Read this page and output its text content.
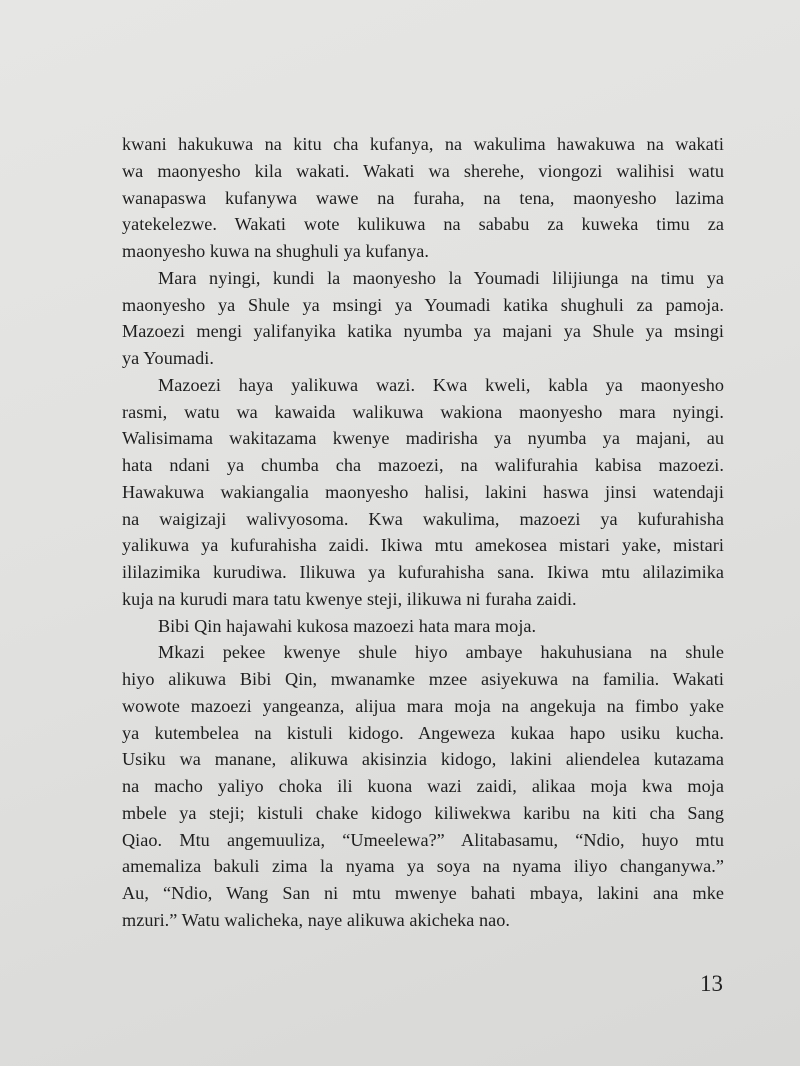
kwani hakukuwa na kitu cha kufanya, na wakulima hawakuwa na wakati
wa maonyesho kila wakati. Wakati wa sherehe, viongozi walihisi watu
wanapaswa kufanywa wawe na furaha, na tena, maonyesho lazima
yatekelezwe. Wakati wote kulikuwa na sababu za kuweka timu za
maonyesho kuwa na shughuli ya kufanya.
Mara nyingi, kundi la maonyesho la Youmadi lilijiunga na timu ya
maonyesho ya Shule ya msingi ya Youmadi katika shughuli za pamoja.
Mazoezi mengi yalifanyika katika nyumba ya majani ya Shule ya msingi
ya Youmadi.
Mazoezi haya yalikuwa wazi. Kwa kweli, kabla ya maonyesho
rasmi, watu wa kawaida walikuwa wakiona maonyesho mara nyingi.
Walisimama wakitazama kwenye madirisha ya nyumba ya majani, au
hata ndani ya chumba cha mazoezi, na walifurahia kabisa mazoezi.
Hawakuwa wakiangalia maonyesho halisi, lakini haswa jinsi watendaji
na waigizaji walivyosoma. Kwa wakulima, mazoezi ya kufurahisha
yalikuwa ya kufurahisha zaidi. Ikiwa mtu amekosea mistari yake, mistari
ililazimika kurudiwa. Ilikuwa ya kufurahisha sana. Ikiwa mtu alilazimika
kuja na kurudi mara tatu kwenye steji, ilikuwa ni furaha zaidi.
Bibi Qin hajawahi kukosa mazoezi hata mara moja.
Mkazi pekee kwenye shule hiyo ambaye hakuhusiana na shule
hiyo alikuwa Bibi Qin, mwanamke mzee asiyekuwa na familia. Wakati
wowote mazoezi yangeanza, alijua mara moja na angekuja na fimbo yake
ya kutembelea na kistuli kidogo. Angeweza kukaa hapo usiku kucha.
Usiku wa manane, alikuwa akisinzia kidogo, lakini aliendelea kutazama
na macho yaliyo choka ili kuona wazi zaidi, alikaa moja kwa moja
mbele ya steji; kistuli chake kidogo kiliwekwa karibu na kiti cha Sang
Qiao. Mtu angemuuliza, “Umeelewa?” Alitabasamu, “Ndio, huyo mtu
amemaliza bakuli zima la nyama ya soya na nyama iliyo changanywa.”
Au, “Ndio, Wang San ni mtu mwenye bahati mbaya, lakini ana mke
mzuri.” Watu walicheka, naye alikuwa akicheka nao.
13
